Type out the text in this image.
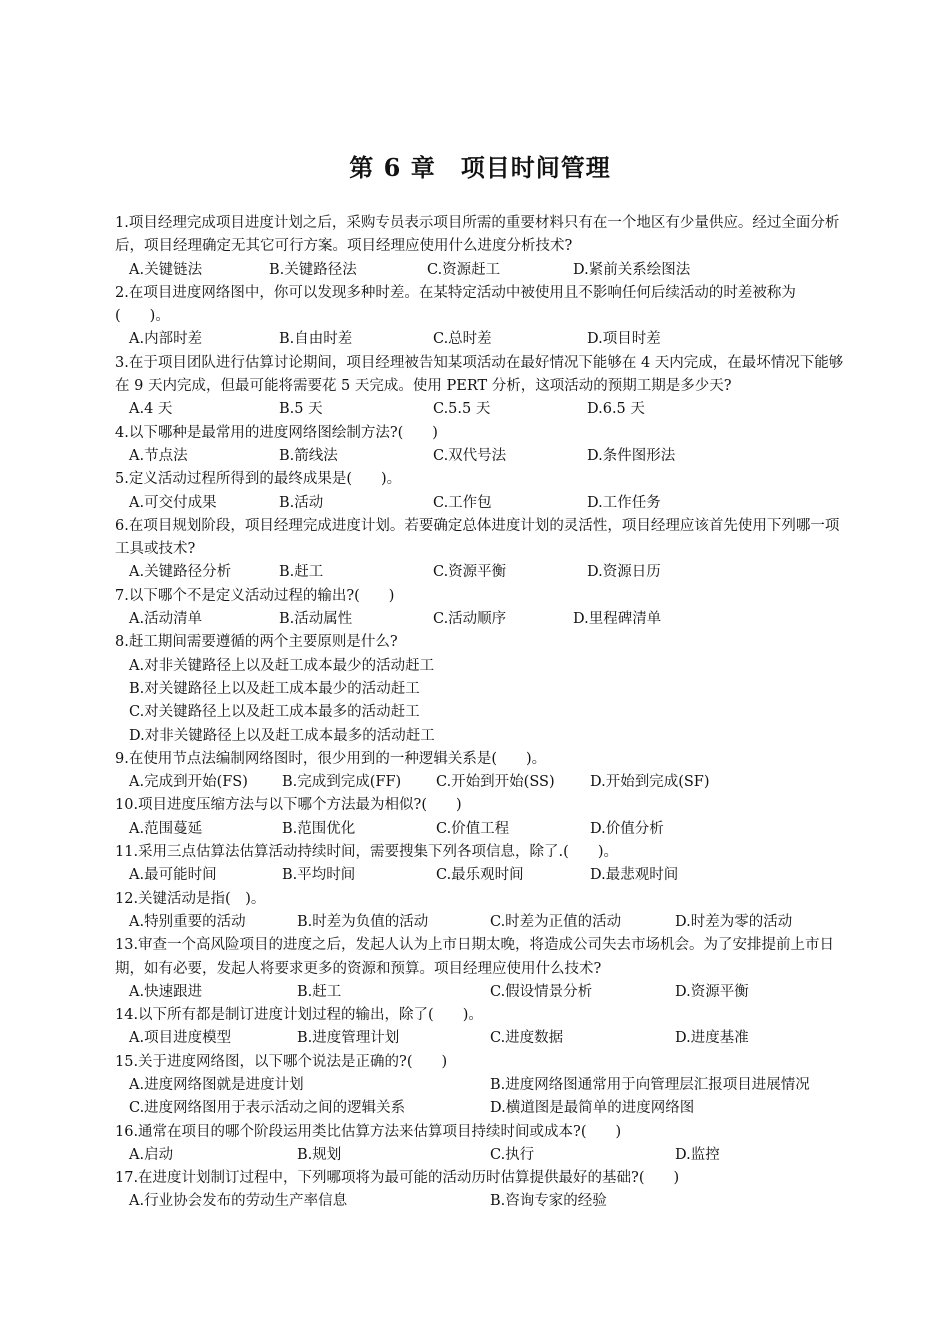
第 6 章　项目时间管理
1.项目经理完成项目进度计划之后，采购专员表示项目所需的重要材料只有在一个地区有少量供应。经过全面分析后，项目经理确定无其它可行方案。项目经理应使用什么进度分析技术?
A.关键链法	B.关键路径法	C.资源赶工	D.紧前关系绘图法
2.在项目进度网络图中，你可以发现多种时差。在某特定活动中被使用且不影响任何后续活动的时差被称为(　　)。
A.内部时差	B.自由时差	C.总时差	D.项目时差
3.在于项目团队进行估算讨论期间，项目经理被告知某项活动在最好情况下能够在 4 天内完成，在最坏情况下能够在 9 天内完成，但最可能将需要花 5 天完成。使用 PERT 分析，这项活动的预期工期是多少天?
A.4 天	B.5 天	C.5.5 天	D.6.5 天
4.以下哪种是最常用的进度网络图绘制方法?(　　)
A.节点法	B.箭线法	C.双代号法	D.条件图形法
5.定义活动过程所得到的最终成果是(　　)。
A.可交付成果	B.活动	C.工作包	D.工作任务
6.在项目规划阶段，项目经理完成进度计划。若要确定总体进度计划的灵活性，项目经理应该首先使用下列哪一项工具或技术?
A.关键路径分析	B.赶工	C.资源平衡	D.资源日历
7.以下哪个不是定义活动过程的输出?(　　)
A.活动清单	B.活动属性	C.活动顺序	D.里程碑清单
8.赶工期间需要遵循的两个主要原则是什么?
A.对非关键路径上以及赶工成本最少的活动赶工
B.对关键路径上以及赶工成本最少的活动赶工
C.对关键路径上以及赶工成本最多的活动赶工
D.对非关键路径上以及赶工成本最多的活动赶工
9.在使用节点法编制网络图时，很少用到的一种逻辑关系是(　　)。
A.完成到开始(FS)	B.完成到完成(FF)	C.开始到开始(SS)	D.开始到完成(SF)
10.项目进度压缩方法与以下哪个方法最为相似?(　　)
A.范围蔓延	B.范围优化	C.价值工程	D.价值分析
11.采用三点估算法估算活动持续时间，需要搜集下列各项信息，除了.(　　)。
A.最可能时间	B.平均时间	C.最乐观时间	D.最悲观时间
12.关键活动是指(　)。
A.特别重要的活动	B.时差为负值的活动	C.时差为正值的活动	D.时差为零的活动
13.审查一个高风险项目的进度之后，发起人认为上市日期太晚，将造成公司失去市场机会。为了安排提前上市日期，如有必要，发起人将要求更多的资源和预算。项目经理应使用什么技术?
A.快速跟进	B.赶工	C.假设情景分析	D.资源平衡
14.以下所有都是制订进度计划过程的输出，除了(　　)。
A.项目进度模型	B.进度管理计划	C.进度数据	D.进度基准
15.关于进度网络图，以下哪个说法是正确的?(　　)
A.进度网络图就是进度计划	B.进度网络图通常用于向管理层汇报项目进展情况
C.进度网络图用于表示活动之间的逻辑关系	D.横道图是最简单的进度网络图
16.通常在项目的哪个阶段运用类比估算方法来估算项目持续时间或成本?(　　)
A.启动	B.规划	C.执行	D.监控
17.在进度计划制订过程中，下列哪项将为最可能的活动历时估算提供最好的基础?(　　)
A.行业协会发布的劳动生产率信息	B.咨询专家的经验
